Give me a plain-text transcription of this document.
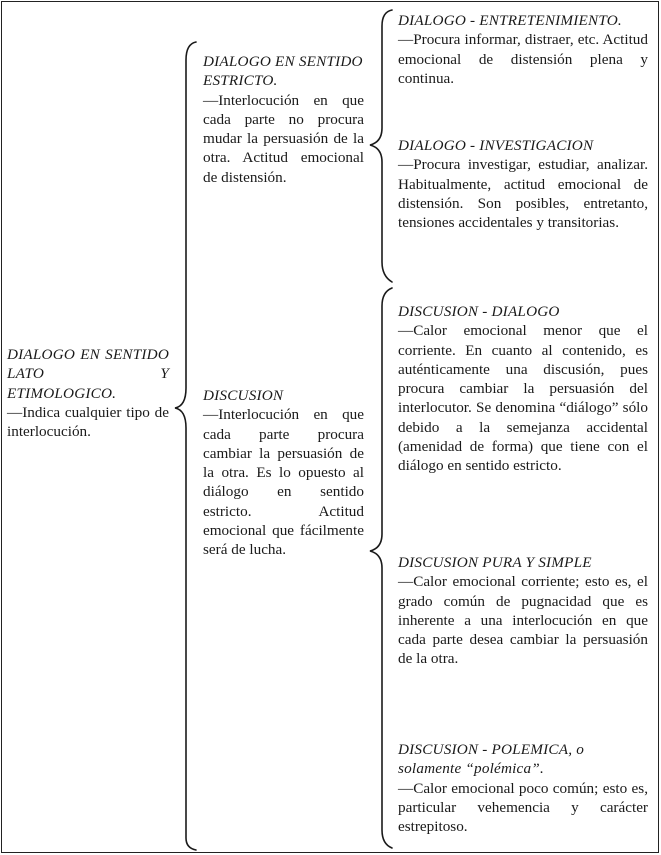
DIALOGO EN SENTIDO LATO Y ETIMOLOGICO.
—Indica cualquier tipo de interlocución.
DIALOGO EN SENTIDO ESTRICTO.
—Interlocución en que cada parte no procura mudar la persuasión de la otra. Actitud emocional de distensión.
DISCUSION
—Interlocución en que cada parte procura cambiar la persuasión de la otra. Es lo opuesto al diálogo en sentido estricto. Actitud emocional que fácilmente será de lucha.
DIALOGO - ENTRETENIMIENTO.
—Procura informar, distraer, etc. Actitud emocional de distensión plena y continua.
DIALOGO - INVESTIGACION
—Procura investigar, estudiar, analizar. Habitualmente, actitud emocional de distensión. Son posibles, entretanto, tensiones accidentales y transitorias.
DISCUSION - DIALOGO
—Calor emocional menor que el corriente. En cuanto al contenido, es auténticamente una discusión, pues procura cambiar la persuasión del interlocutor. Se denomina “diálogo” sólo debido a la semejanza accidental (amenidad de forma) que tiene con el diálogo en sentido estricto.
DISCUSION PURA Y SIMPLE
—Calor emocional corriente; esto es, el grado común de pugnacidad que es inherente a una interlocución en que cada parte desea cambiar la persuasión de la otra.
DISCUSION - POLEMICA, o solamente “polémica”.
—Calor emocional poco común; esto es, particular vehemencia y carácter estrepitoso.
